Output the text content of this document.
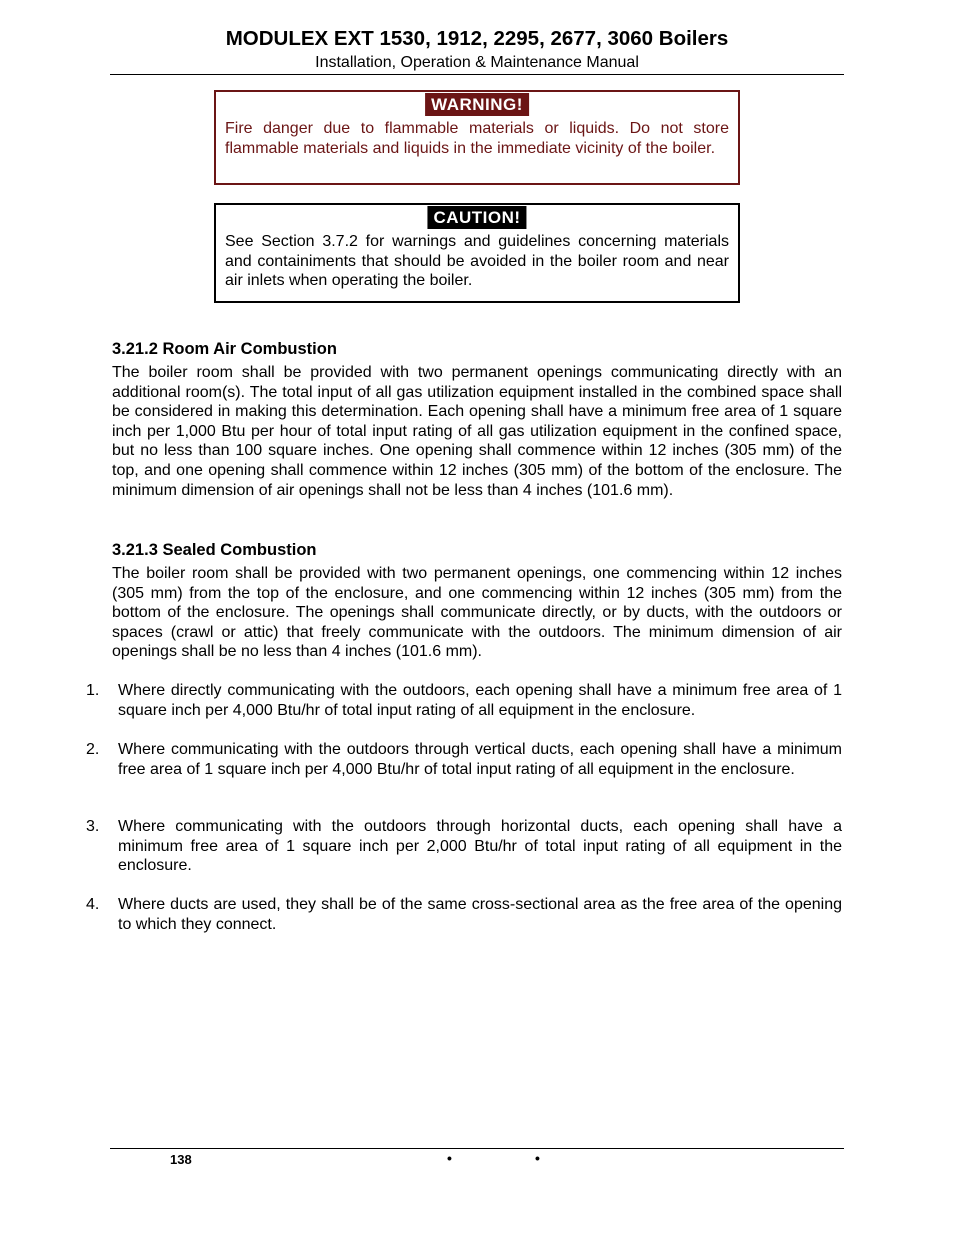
MODULEX EXT 1530, 1912, 2295, 2677, 3060 Boilers
Installation, Operation & Maintenance Manual
WARNING!
Fire danger due to flammable materials or liquids. Do not store flammable materials and liquids in the immediate vicinity of the boiler.
CAUTION!
See Section 3.7.2 for warnings and guidelines concerning materials and containiments that should be avoided in the boiler room and near air inlets when operating the boiler.
3.21.2 Room Air Combustion
The boiler room shall be provided with two permanent openings communicating directly with an additional room(s). The total input of all gas utilization equipment installed in the combined space shall be considered in making this determination. Each opening shall have a minimum free area of 1 square inch per 1,000 Btu per hour of total input rating of all gas utilization equipment in the confined space, but no less than 100 square inches. One opening shall commence within 12 inches (305 mm) of the top, and one opening shall commence within 12 inches (305 mm) of the bottom of the enclosure. The minimum dimension of air openings shall not be less than 4 inches (101.6 mm).
3.21.3 Sealed Combustion
The boiler room shall be provided with two permanent openings, one commencing within 12 inches (305 mm) from the top of the enclosure, and one commencing within 12 inches (305 mm) from the bottom of the enclosure. The openings shall communicate directly, or by ducts, with the outdoors or spaces (crawl or attic) that freely communicate with the outdoors. The minimum dimension of air openings shall be no less than 4 inches (101.6 mm).
1.	Where directly communicating with the outdoors, each opening shall have a minimum free area of 1 square inch per 4,000 Btu/hr of total input rating of all equipment in the enclosure.
2.	Where communicating with the outdoors through vertical ducts, each opening shall have a minimum free area of 1 square inch per 4,000 Btu/hr of total input rating of all equipment in the enclosure.
3.	Where communicating with the outdoors through horizontal ducts, each opening shall have a minimum free area of 1 square inch per 2,000 Btu/hr of total input rating of all equipment in the enclosure.
4.	Where ducts are used, they shall be of the same cross-sectional area as the free area of the opening to which they connect.
138	•	•
